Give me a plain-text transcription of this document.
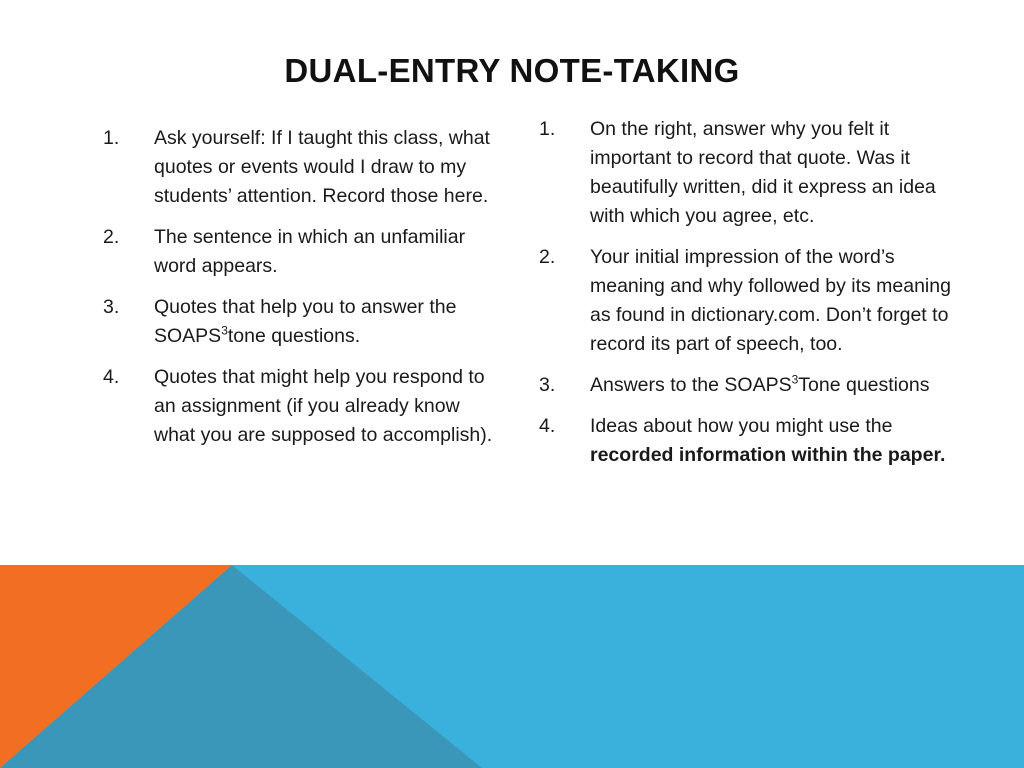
DUAL-ENTRY NOTE-TAKING
1.	Ask yourself: If I taught this class, what quotes or events would I draw to my students’ attention. Record those here.
2.	The sentence in which an unfamiliar word appears.
3.	Quotes that help you to answer the SOAPS$^3$tone questions.
4.	Quotes that might help you respond to an assignment (if you already know what you are supposed to accomplish).
1.	On the right, answer why you felt it important to record that quote. Was it beautifully written, did it express an idea with which you agree, etc.
2.	Your initial impression of the word’s meaning and why followed by its meaning as found in dictionary.com. Don’t forget to record its part of speech, too.
3.	Answers to the SOAPS$^3$Tone questions
4.	Ideas about how you might use the recorded information within the paper.
